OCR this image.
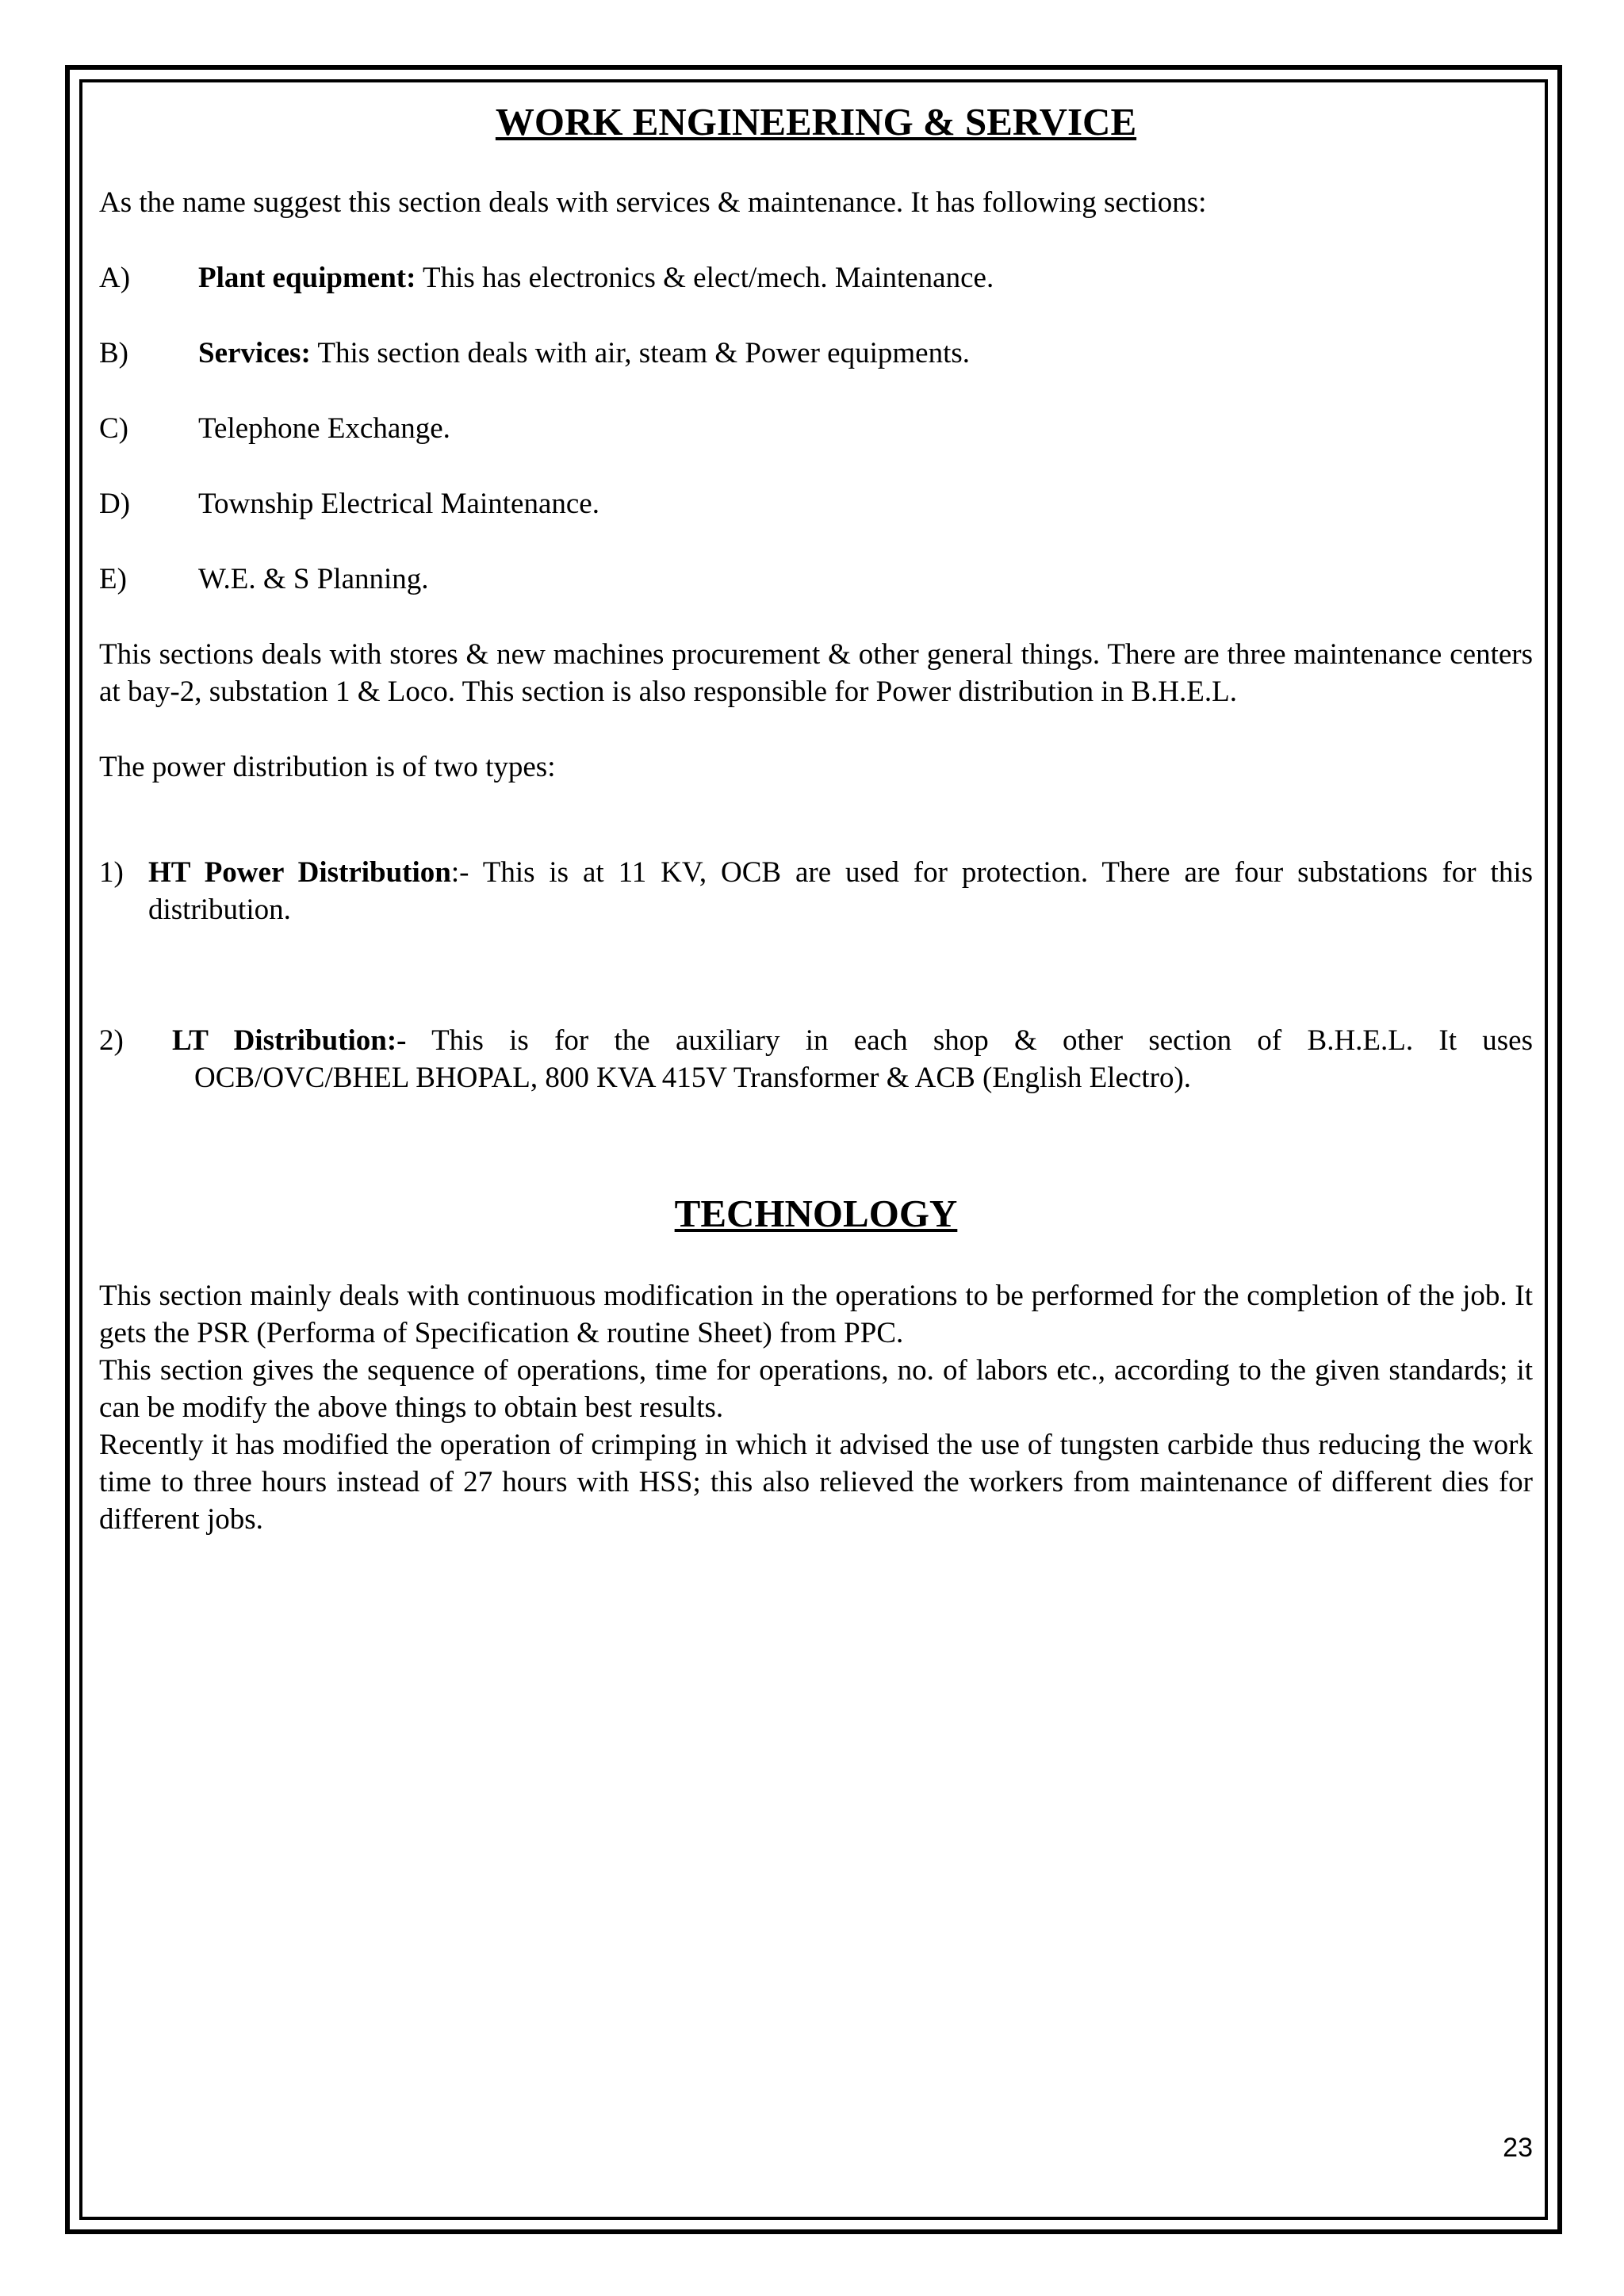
WORK ENGINEERING & SERVICE

As the name suggest this section deals with services & maintenance. It has following sections:

A)	Plant equipment: This has electronics & elect/mech. Maintenance.
B)	Services: This section deals with air, steam & Power equipments.
C)	Telephone Exchange.
D)	Township Electrical Maintenance.
E)	W.E. & S Planning.

This sections deals with stores & new machines procurement & other general things. There are three maintenance centers at bay-2, substation 1 & Loco. This section is also responsible for Power distribution in B.H.E.L.

The power distribution is of two types:

1) HT Power Distribution:- This is at 11 KV, OCB are used for protection. There are four substations for this distribution.
2)	LT Distribution:- This is for the auxiliary in each shop & other section of B.H.E.L. It uses
OCB/OVC/BHEL BHOPAL, 800 KVA 415V Transformer & ACB (English Electro).
TECHNOLOGY

This section mainly deals with continuous modification in the operations to be performed for the completion of the job. It gets the PSR (Performa of Specification & routine Sheet) from PPC.

This section gives the sequence of operations, time for operations, no. of labors etc., according to the given standards; it can be modify the above things to obtain best results.

Recently it has modified the operation of crimping in which it advised the use of tungsten carbide thus reducing the work time to three hours instead of 27 hours with HSS; this also relieved the workers from maintenance of different dies for different jobs.

23
